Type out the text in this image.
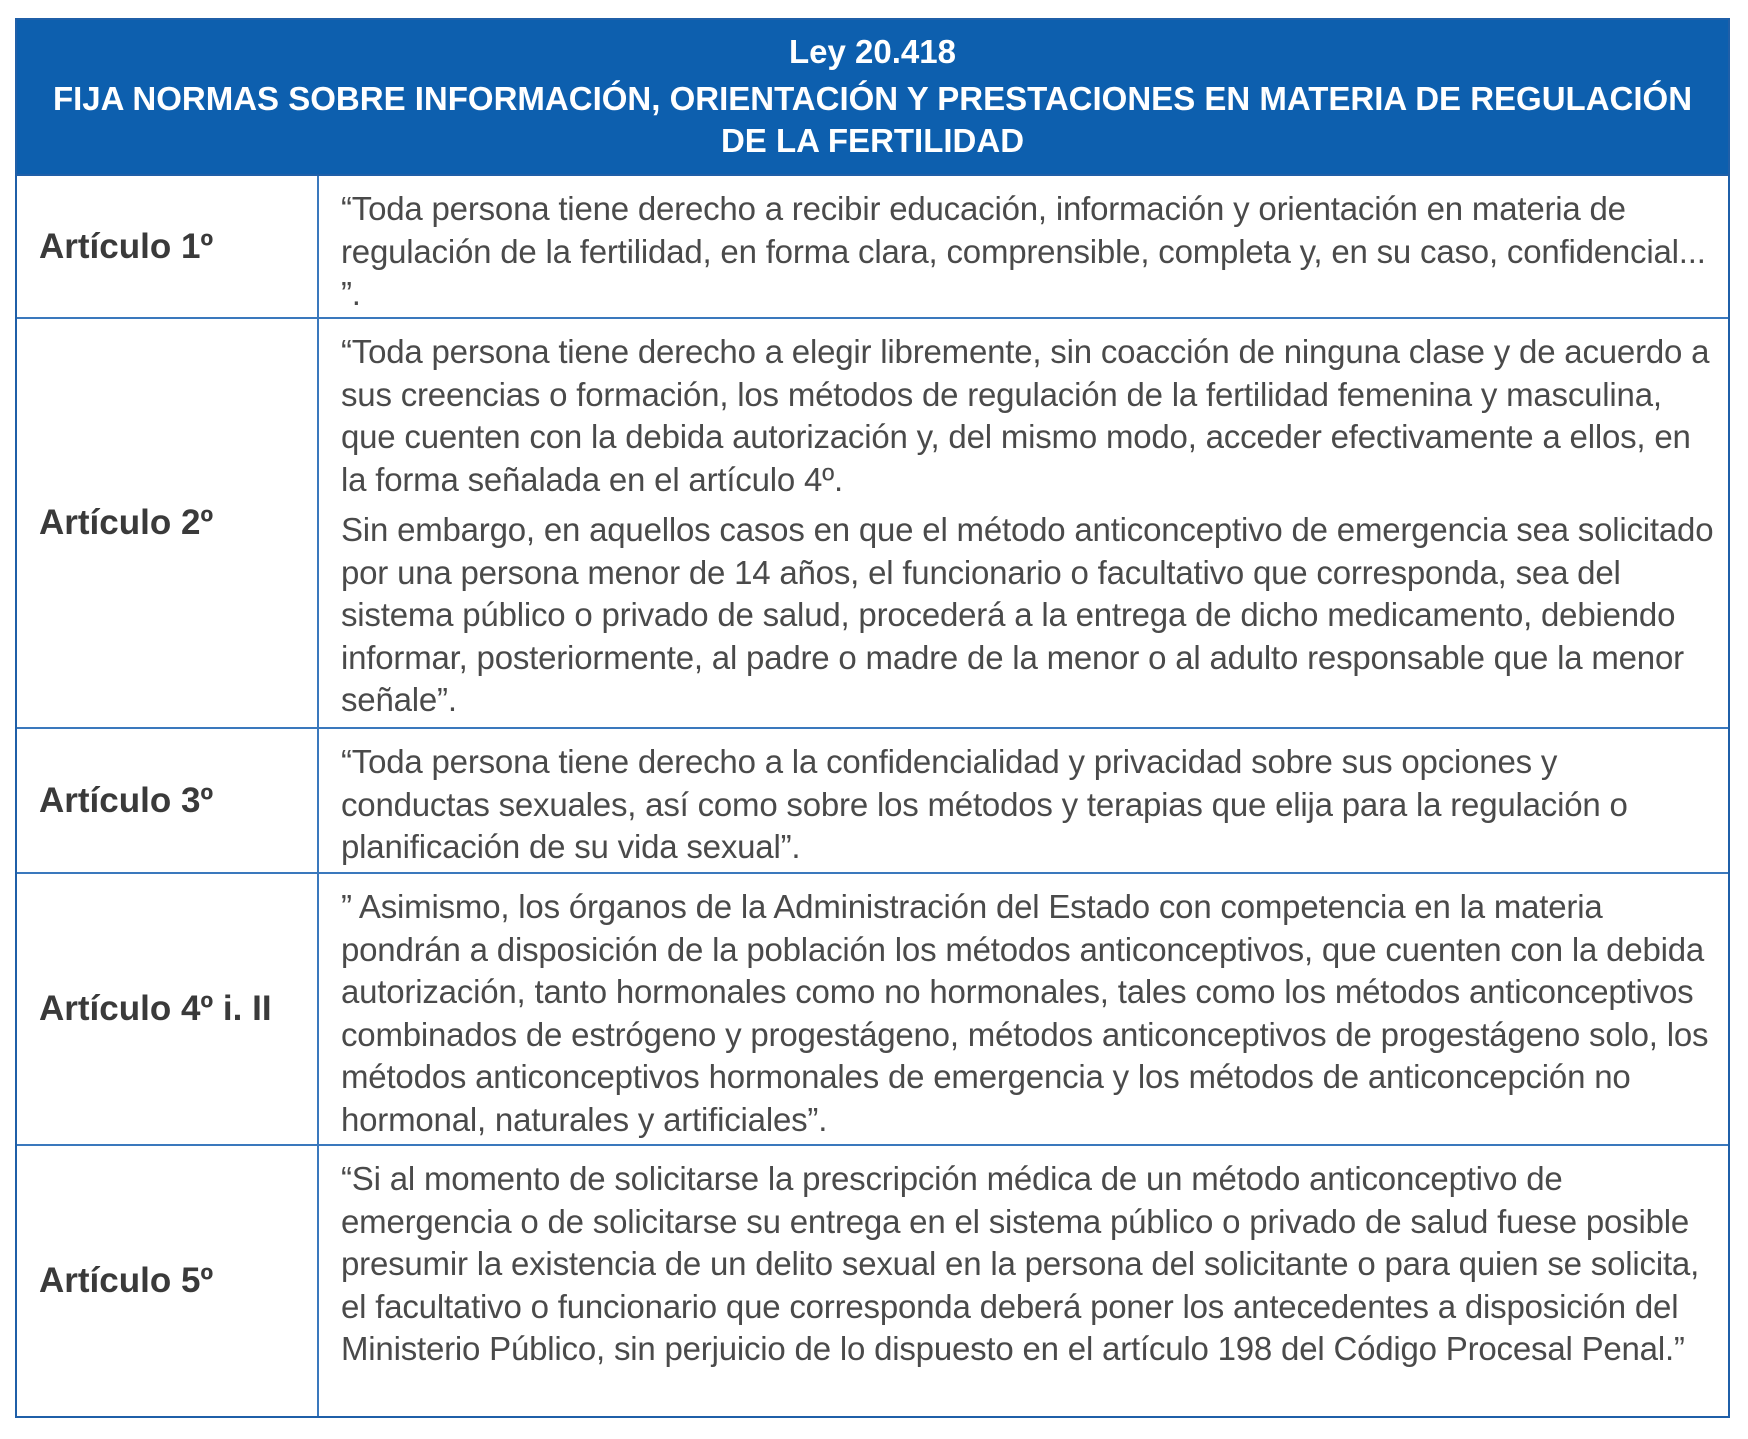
Ley 20.418
FIJA NORMAS SOBRE INFORMACIÓN, ORIENTACIÓN Y PRESTACIONES EN MATERIA DE REGULACIÓN DE LA FERTILIDAD
Artículo 1º

“Toda persona tiene derecho a recibir educación, información y orientación en materia de regulación de la fertilidad, en forma clara, comprensible, completa y, en su caso, confidencial... ”.

Artículo 2º

“Toda persona tiene derecho a elegir libremente, sin coacción de ninguna clase y de acuerdo a sus creencias o formación, los métodos de regulación de la fertilidad femenina y masculina, que cuenten con la debida autorización y, del mismo modo, acceder efectivamente a ellos, en la forma señalada en el artículo 4º.

Sin embargo, en aquellos casos en que el método anticonceptivo de emergencia sea solicitado por una persona menor de 14 años, el funcionario o facultativo que corresponda, sea del sistema público o privado de salud, procederá a la entrega de dicho medicamento, debiendo informar, posteriormente, al padre o madre de la menor o al adulto responsable que la menor señale”.

Artículo 3º

“Toda persona tiene derecho a la confidencialidad y privacidad sobre sus opciones y conductas sexuales, así como sobre los métodos y terapias que elija para la regulación o planificación de su vida sexual”.

Artículo 4º i. II

” Asimismo, los órganos de la Administración del Estado con competencia en la materia pondrán a disposición de la población los métodos anticonceptivos, que cuenten con la debida autorización, tanto hormonales como no hormonales, tales como los métodos anticonceptivos combinados de estrógeno y progestágeno, métodos anticonceptivos de progestágeno solo, los métodos anticonceptivos hormonales de emergencia y los métodos de anticoncepción no hormonal, naturales y artificiales”.

Artículo 5º

“Si al momento de solicitarse la prescripción médica de un método anticonceptivo de emergencia o de solicitarse su entrega en el sistema público o privado de salud fuese posible presumir la existencia de un delito sexual en la persona del solicitante o para quien se solicita, el facultativo o funcionario que corresponda deberá poner los antecedentes a disposición del Ministerio Público, sin perjuicio de lo dispuesto en el artículo 198 del Código Procesal Penal.”
